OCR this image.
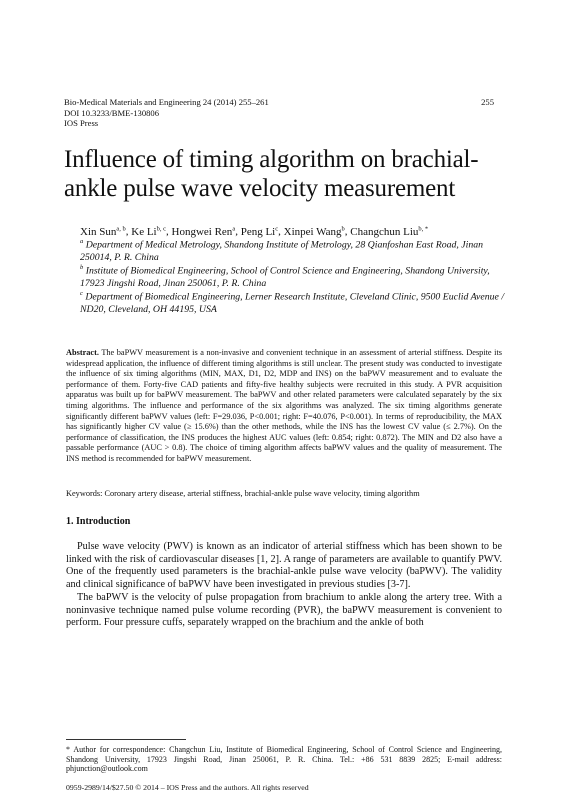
Bio-Medical Materials and Engineering 24 (2014) 255–261
DOI 10.3233/BME-130806
IOS Press
255
Influence of timing algorithm on brachial-ankle pulse wave velocity measurement
Xin Sun$^{a, b}$, Ke Li$^{b, c}$, Hongwei Ren$^a$, Peng Li$^c$, Xinpei Wang$^b$, Changchun Liu$^{b, *}$
$^a$ Department of Medical Metrology, Shandong Institute of Metrology, 28 Qianfoshan East Road, Jinan 250014, P. R. China
$^b$ Institute of Biomedical Engineering, School of Control Science and Engineering, Shandong University, 17923 Jingshi Road, Jinan 250061, P. R. China
$^c$ Department of Biomedical Engineering, Lerner Research Institute, Cleveland Clinic, 9500 Euclid Avenue / ND20, Cleveland, OH 44195, USA
Abstract. The baPWV measurement is a non-invasive and convenient technique in an assessment of arterial stiffness. Despite its widespread application, the influence of different timing algorithms is still unclear. The present study was conducted to investigate the influence of six timing algorithms (MIN, MAX, D1, D2, MDP and INS) on the baPWV measurement and to evaluate the performance of them. Forty-five CAD patients and fifty-five healthy subjects were recruited in this study. A PVR acquisition apparatus was built up for baPWV measurement. The baPWV and other related parameters were calculated separately by the six timing algorithms. The influence and performance of the six algorithms was analyzed. The six timing algorithms generate significantly different baPWV values (left: F=29.036, P<0.001; right: F=40.076, P<0.001). In terms of reproducibility, the MAX has significantly higher CV value (≥ 15.6%) than the other methods, while the INS has the lowest CV value (≤ 2.7%). On the performance of classification, the INS produces the highest AUC values (left: 0.854; right: 0.872). The MIN and D2 also have a passable performance (AUC > 0.8). The choice of timing algorithm affects baPWV values and the quality of measurement. The INS method is recommended for baPWV measurement.
Keywords: Coronary artery disease, arterial stiffness, brachial-ankle pulse wave velocity, timing algorithm
1. Introduction

Pulse wave velocity (PWV) is known as an indicator of arterial stiffness which has been shown to be linked with the risk of cardiovascular diseases [1, 2]. A range of parameters are available to quantify PWV. One of the frequently used parameters is the brachial-ankle pulse wave velocity (baPWV). The validity and clinical significance of baPWV have been investigated in previous studies [3-7].

The baPWV is the velocity of pulse propagation from brachium to ankle along the artery tree. With a noninvasive technique named pulse volume recording (PVR), the baPWV measurement is convenient to perform. Four pressure cuffs, separately wrapped on the brachium and the ankle of both

* Author for correspondence: Changchun Liu, Institute of Biomedical Engineering, School of Control Science and Engineering, Shandong University, 17923 Jingshi Road, Jinan 250061, P. R. China. Tel.: +86 531 8839 2825; E-mail address: phjunction@outlook.com
0959-2989/14/$27.50 © 2014 – IOS Press and the authors. All rights reserved
